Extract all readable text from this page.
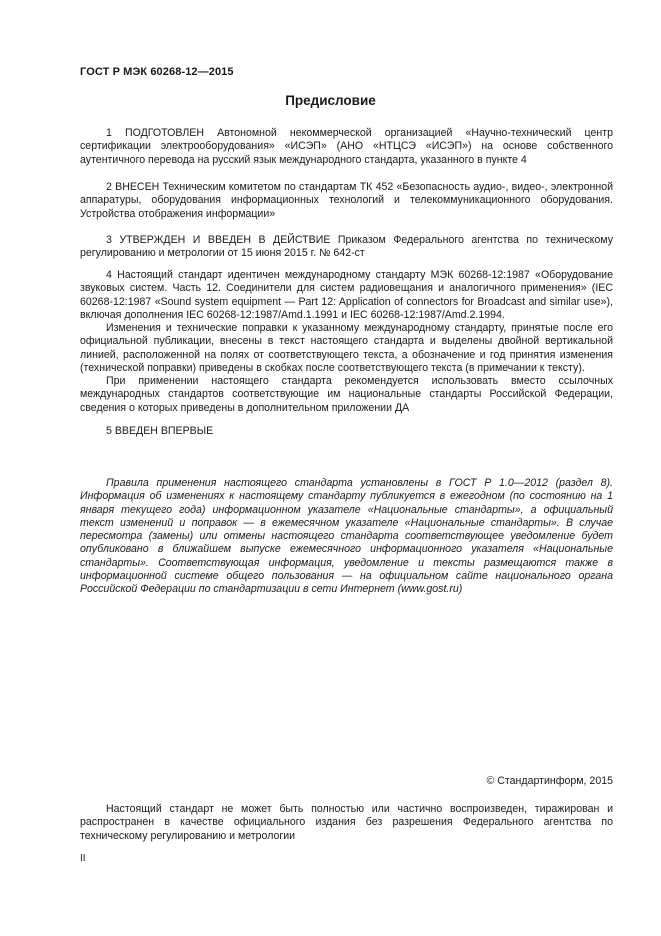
ГОСТ Р МЭК 60268-12—2015
Предисловие

1 ПОДГОТОВЛЕН Автономной некоммерческой организацией «Научно-технический центр сертификации электрооборудования» «ИСЭП» (АНО «НТЦСЭ «ИСЭП») на основе собственного аутентичного перевода на русский язык международного стандарта, указанного в пункте 4

2 ВНЕСЕН Техническим комитетом по стандартам ТК 452 «Безопасность аудио-, видео-, электронной аппаратуры, оборудования информационных технологий и телекоммуникационного оборудования. Устройства отображения информации»

3 УТВЕРЖДЕН И ВВЕДЕН В ДЕЙСТВИЕ Приказом Федерального агентства по техническому регулированию и метрологии от 15 июня 2015 г. № 642-ст

4 Настоящий стандарт идентичен международному стандарту МЭК 60268-12:1987 «Оборудование звуковых систем. Часть 12. Соединители для систем радиовещания и аналогичного применения» (IEC 60268-12:1987 «Sound system equipment — Part 12: Application of connectors for Broadcast and similar use»), включая дополнения IEC 60268-12:1987/Amd.1.1991 и IEC 60268-12:1987/Amd.2.1994.

Изменения и технические поправки к указанному международному стандарту, принятые после его официальной публикации, внесены в текст настоящего стандарта и выделены двойной вертикальной линией, расположенной на полях от соответствующего текста, а обозначение и год принятия изменения (технической поправки) приведены в скобках после соответствующего текста (в примечании к тексту).

При применении настоящего стандарта рекомендуется использовать вместо ссылочных международных стандартов соответствующие им национальные стандарты Российской Федерации, сведения о которых приведены в дополнительном приложении ДА

5 ВВЕДЕН ВПЕРВЫЕ

Правила применения настоящего стандарта установлены в ГОСТ Р 1.0—2012 (раздел 8). Информация об изменениях к настоящему стандарту публикуется в ежегодном (по состоянию на 1 января текущего года) информационном указателе «Национальные стандарты», а официальный текст изменений и поправок — в ежемесячном указателе «Национальные стандарты». В случае пересмотра (замены) или отмены настоящего стандарта соответствующее уведомление будет опубликовано в ближайшем выпуске ежемесячного информационного указателя «Национальные стандарты». Соответствующая информация, уведомление и тексты размещаются также в информационной системе общего пользования — на официальном сайте национального органа Российской Федерации по стандартизации в сети Интернет (www.gost.ru)

© Стандартинформ, 2015

Настоящий стандарт не может быть полностью или частично воспроизведен, тиражирован и распространен в качестве официального издания без разрешения Федерального агентства по техническому регулированию и метрологии

II
